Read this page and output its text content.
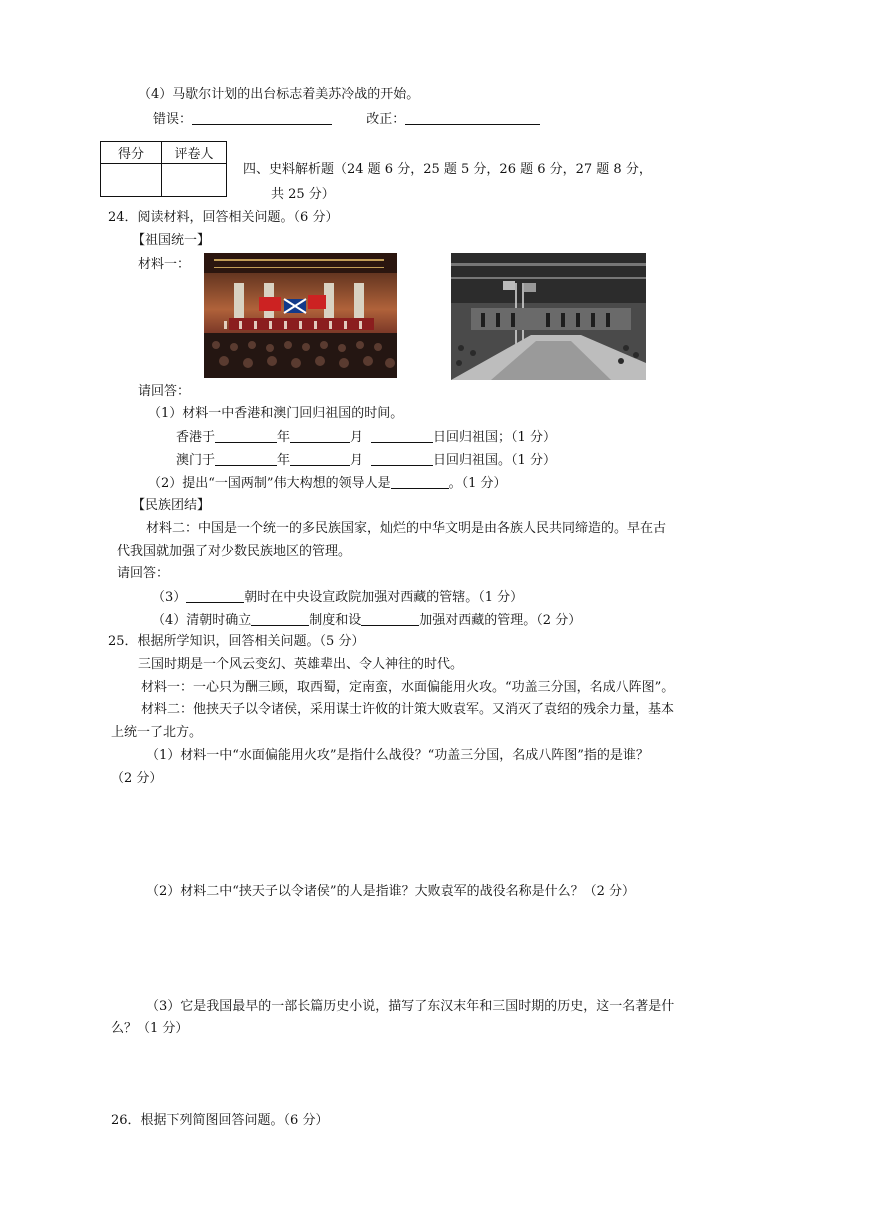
（4）马歇尔计划的出台标志着美苏冷战的开始。
错误：	改正：
得分	评卷人

四、史料解析题（24 题 6 分，25 题 5 分，26 题 6 分，27 题 8 分，
共 25 分）
24．阅读材料，回答相关问题。（6 分）
【祖国统一】
材料一：
请回答：
（1）材料一中香港和澳门回归祖国的时间。
香港于	年	月	日回归祖国；（1 分）
澳门于	年	月	日回归祖国。（1 分）
（2）提出“一国两制”伟大构想的领导人是	。（1 分）
【民族团结】
材料二：中国是一个统一的多民族国家，灿烂的中华文明是由各族人民共同缔造的。早在古
代我国就加强了对少数民族地区的管理。
请回答：
（3）	朝时在中央设宣政院加强对西藏的管辖。（1 分）
（4）清朝时确立	制度和设	加强对西藏的管理。（2 分）
25．根据所学知识，回答相关问题。（5 分）
三国时期是一个风云变幻、英雄辈出、令人神往的时代。
材料一：一心只为酬三顾，取西蜀，定南蛮，水面偏能用火攻。“功盖三分国，名成八阵图”。
材料二：他挟天子以令诸侯，采用谋士许攸的计策大败袁军。又消灭了袁绍的残余力量，基本
上统一了北方。
（1）材料一中“水面偏能用火攻”是指什么战役？“功盖三分国，名成八阵图”指的是谁？
（2 分）
（2）材料二中“挟天子以令诸侯”的人是指谁？大败袁军的战役名称是什么？（2 分）
（3）它是我国最早的一部长篇历史小说，描写了东汉末年和三国时期的历史，这一名著是什
么？（1 分）
26．根据下列简图回答问题。（6 分）
